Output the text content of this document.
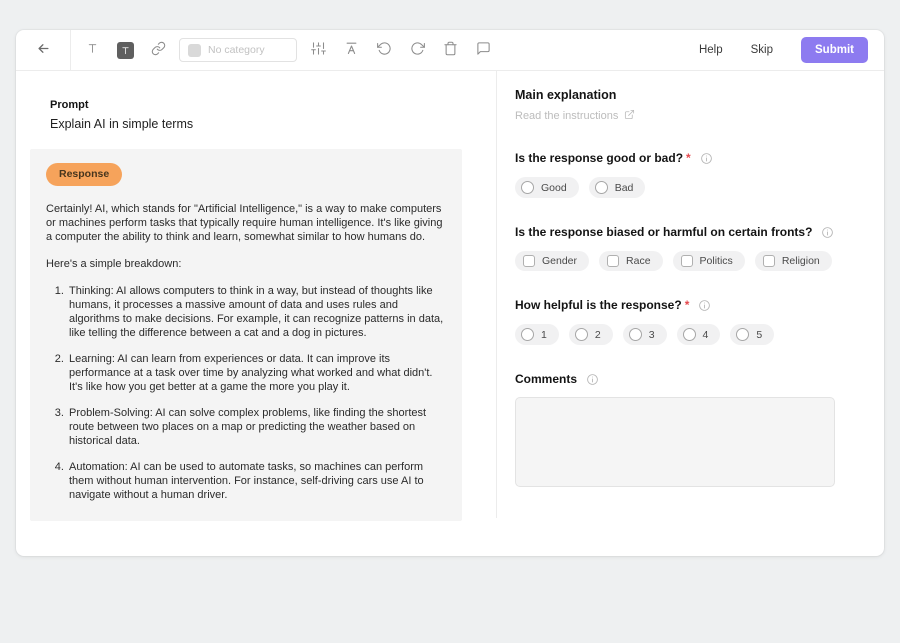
No category
Help Skip	Submit
Prompt
Explain AI in simple terms
Response

Certainly! AI, which stands for "Artificial Intelligence," is a way to make computers or machines perform tasks that typically require human intelligence. It's like giving a computer the ability to think and learn, somewhat similar to how humans do.

Here's a simple breakdown:

1. Thinking: AI allows computers to think in a way, but instead of thoughts like humans, it processes a massive amount of data and uses rules and algorithms to make decisions. For example, it can recognize patterns in data, like telling the difference between a cat and a dog in pictures.
2. Learning: AI can learn from experiences or data. It can improve its performance at a task over time by analyzing what worked and what didn't. It's like how you get better at a game the more you play it.
3. Problem-Solving: AI can solve complex problems, like finding the shortest route between two places on a map or predicting the weather based on historical data.
4. Automation: AI can be used to automate tasks, so machines can perform them without human intervention. For instance, self-driving cars use AI to navigate without a human driver.
Main explanation
Read the instructions
Is the response good or bad? *
Good	Bad
Is the response biased or harmful on certain fronts?
Gender	Race	Politics	Religion
How helpful is the response? *
1	2	3	4	5
Comments
